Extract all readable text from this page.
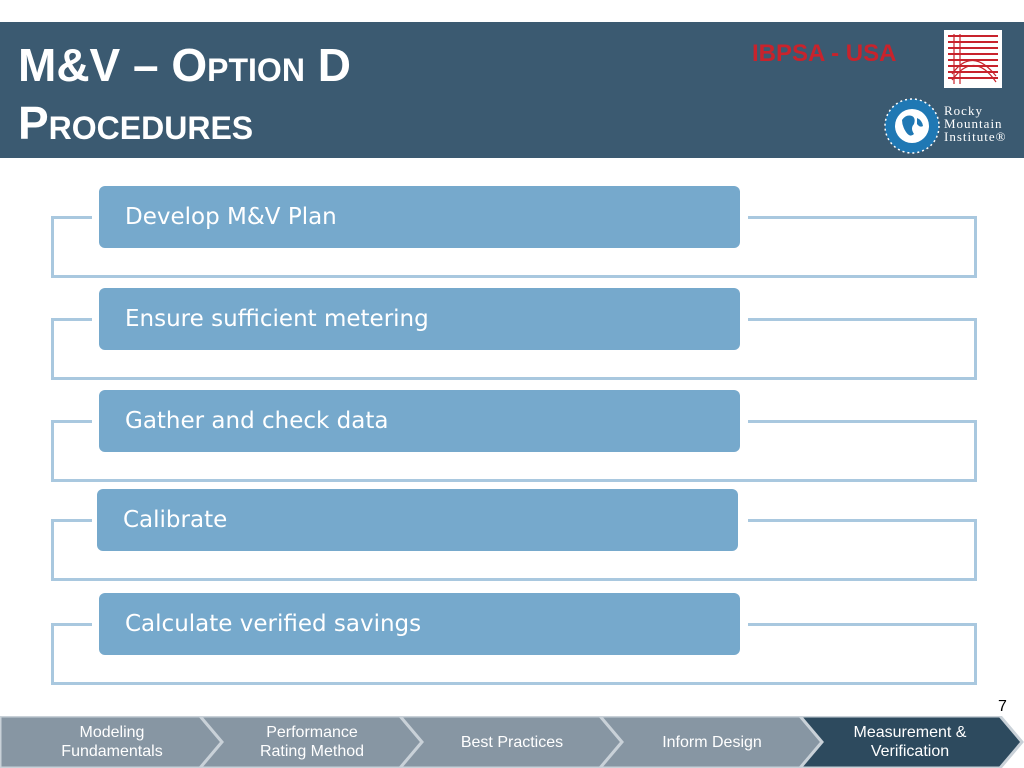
M&V – Option D
Procedures
IBPSA - USA
Rocky
Mountain
Institute®
Develop M&V Plan
Ensure sufficient metering
Gather and check data
Calibrate
Calculate verified savings
7
Modeling
Fundamentals
Performance
Rating Method
Best Practices	Inform Design
Measurement &
Verification
